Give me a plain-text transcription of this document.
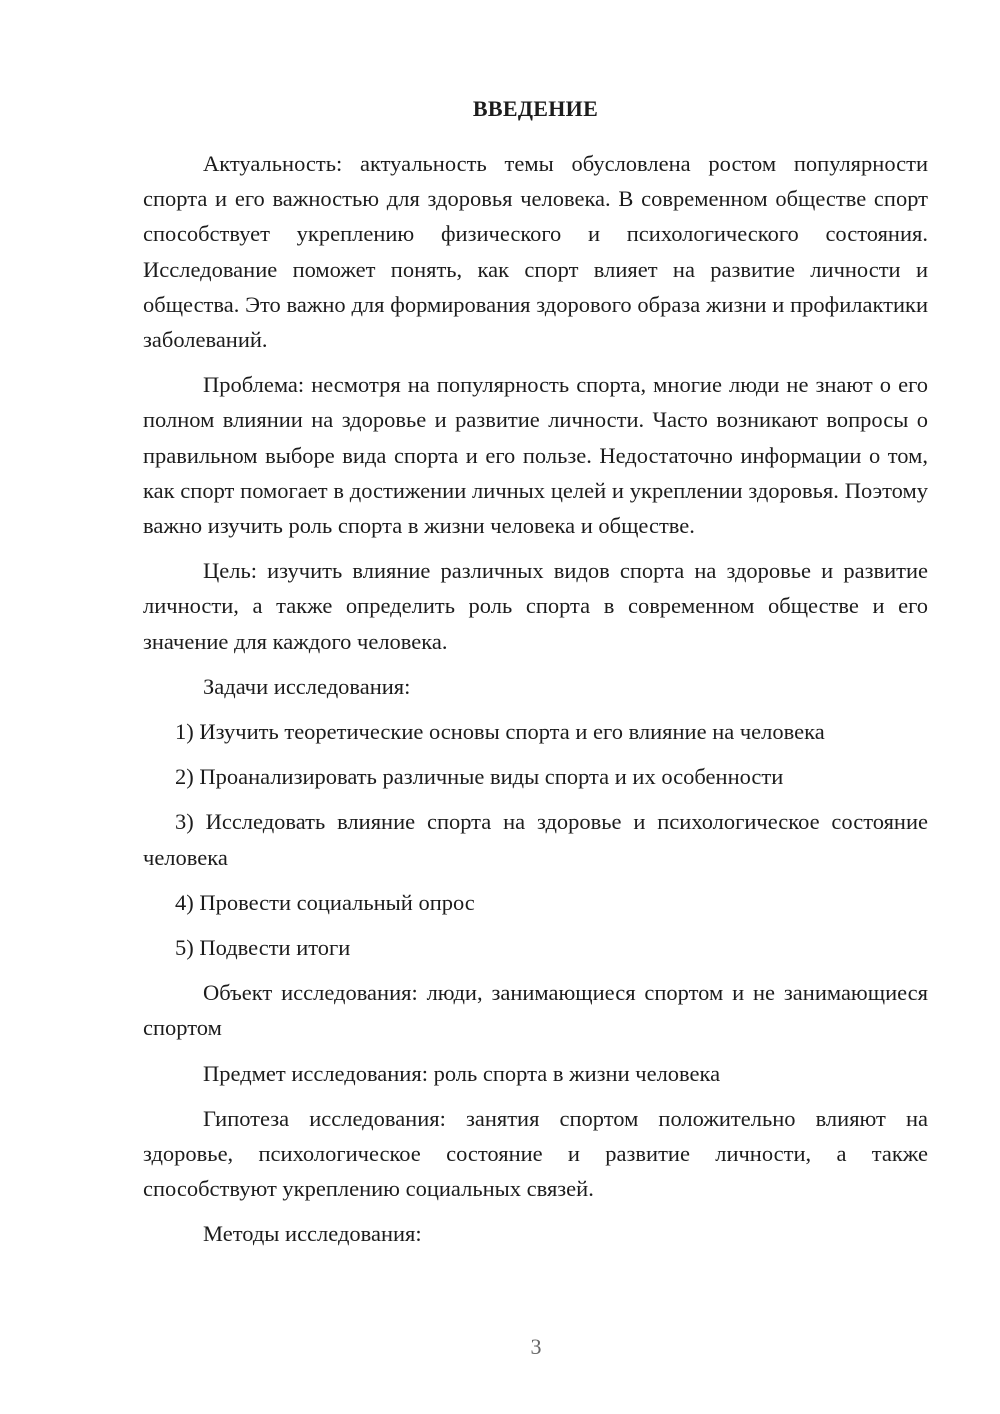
ВВЕДЕНИЕ

Актуальность: актуальность темы обусловлена ростом популярности спорта и его важностью для здоровья человека. В современном обществе спорт способствует укреплению физического и психологического состояния. Исследование поможет понять, как спорт влияет на развитие личности и общества. Это важно для формирования здорового образа жизни и профилактики заболеваний.

Проблема: несмотря на популярность спорта, многие люди не знают о его полном влиянии на здоровье и развитие личности. Часто возникают вопросы о правильном выборе вида спорта и его пользе. Недостаточно информации о том, как спорт помогает в достижении личных целей и укреплении здоровья. Поэтому важно изучить роль спорта в жизни человека и обществе.

Цель: изучить влияние различных видов спорта на здоровье и развитие личности, а также определить роль спорта в современном обществе и его значение для каждого человека.

Задачи исследования:

1) Изучить теоретические основы спорта и его влияние на человека

2) Проанализировать различные виды спорта и их особенности

3) Исследовать влияние спорта на здоровье и психологическое состояние человека

4) Провести социальный опрос

5) Подвести итоги

Объект исследования: люди, занимающиеся спортом и не занимающиеся спортом

Предмет исследования: роль спорта в жизни человека

Гипотеза исследования: занятия спортом положительно влияют на здоровье, психологическое состояние и развитие личности, а также способствуют укреплению социальных связей.

Методы исследования:

3
